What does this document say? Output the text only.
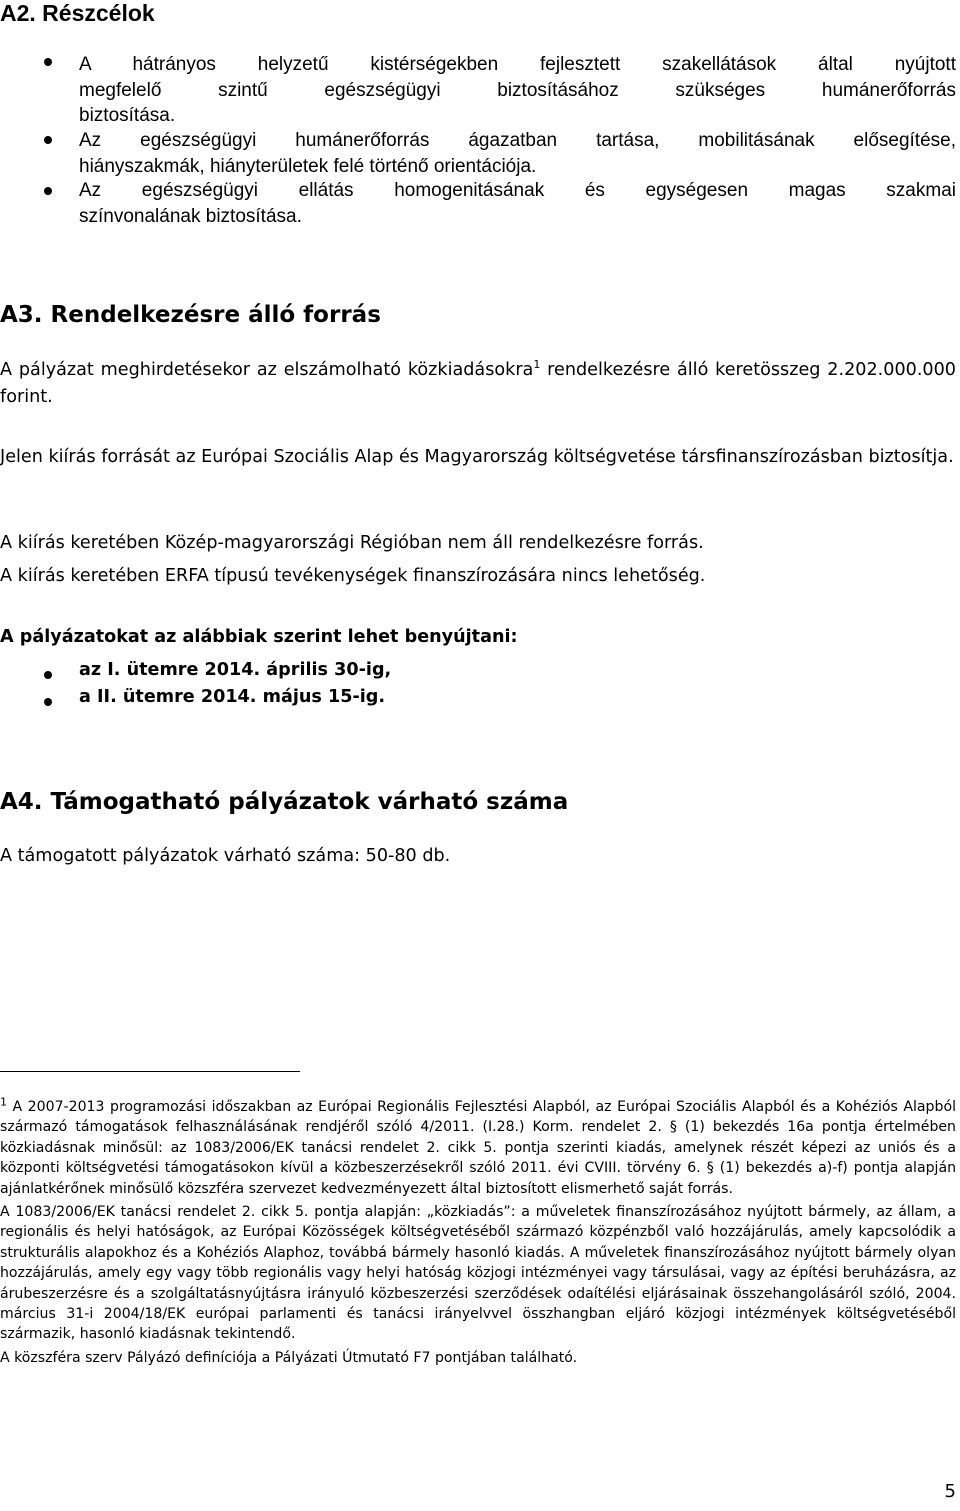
A2. Részcélok
A hátrányos helyzetű kistérségekben fejlesztett szakellátások által nyújtott
megfelelő szintű egészségügyi biztosításához szükséges humánerőforrás
biztosítása.
Az egészségügyi humánerőforrás ágazatban tartása, mobilitásának elősegítése,
hiányszakmák, hiányterületek felé történő orientációja.
Az egészségügyi ellátás homogenitásának és egységesen magas szakmai
színvonalának biztosítása.
A3. Rendelkezésre álló forrás
A pályázat meghirdetésekor az elszámolható közkiadásokra$^1$ rendelkezésre álló keretösszeg 2.202.000.000 forint.
Jelen kiírás forrását az Európai Szociális Alap és Magyarország költségvetése társfinanszírozásban biztosítja.
A kiírás keretében Közép-magyarországi Régióban nem áll rendelkezésre forrás.
A kiírás keretében ERFA típusú tevékenységek finanszírozására nincs lehetőség.
A pályázatokat az alábbiak szerint lehet benyújtani:
az I. ütemre 2014. április 30-ig,
a II. ütemre 2014. május 15-ig.
A4. Támogatható pályázatok várható száma
A támogatott pályázatok várható száma: 50-80 db.

$^1$ A 2007-2013 programozási időszakban az Európai Regionális Fejlesztési Alapból, az Európai Szociális Alapból és a Kohéziós Alapból származó támogatások felhasználásának rendjéről szóló 4/2011. (I.28.) Korm. rendelet 2. § (1) bekezdés 16a pontja értelmében közkiadásnak minősül: az 1083/2006/EK tanácsi rendelet 2. cikk 5. pontja szerinti kiadás, amelynek részét képezi az uniós és a központi költségvetési támogatásokon kívül a közbeszerzésekről szóló 2011. évi CVIII. törvény 6. § (1) bekezdés a)-f) pontja alapján ajánlatkérőnek minősülő közszféra szervezet kedvezményezett által biztosított elismerhető saját forrás.

A 1083/2006/EK tanácsi rendelet 2. cikk 5. pontja alapján: „közkiadás”: a műveletek finanszírozásához nyújtott bármely, az állam, a regionális és helyi hatóságok, az Európai Közösségek költségvetéséből származó közpénzből való hozzájárulás, amely kapcsolódik a strukturális alapokhoz és a Kohéziós Alaphoz, továbbá bármely hasonló kiadás. A műveletek finanszírozásához nyújtott bármely olyan hozzájárulás, amely egy vagy több regionális vagy helyi hatóság közjogi intézményei vagy társulásai, vagy az építési beruházásra, az árubeszerzésre és a szolgáltatásnyújtásra irányuló közbeszerzési szerződések odaítélési eljárásainak összehangolásáról szóló, 2004. március 31-i 2004/18/EK európai parlamenti és tanácsi irányelvvel összhangban eljáró közjogi intézmények költségvetéséből származik, hasonló kiadásnak tekintendő.

A közszféra szerv Pályázó definíciója a Pályázati Útmutató F7 pontjában található.

5
